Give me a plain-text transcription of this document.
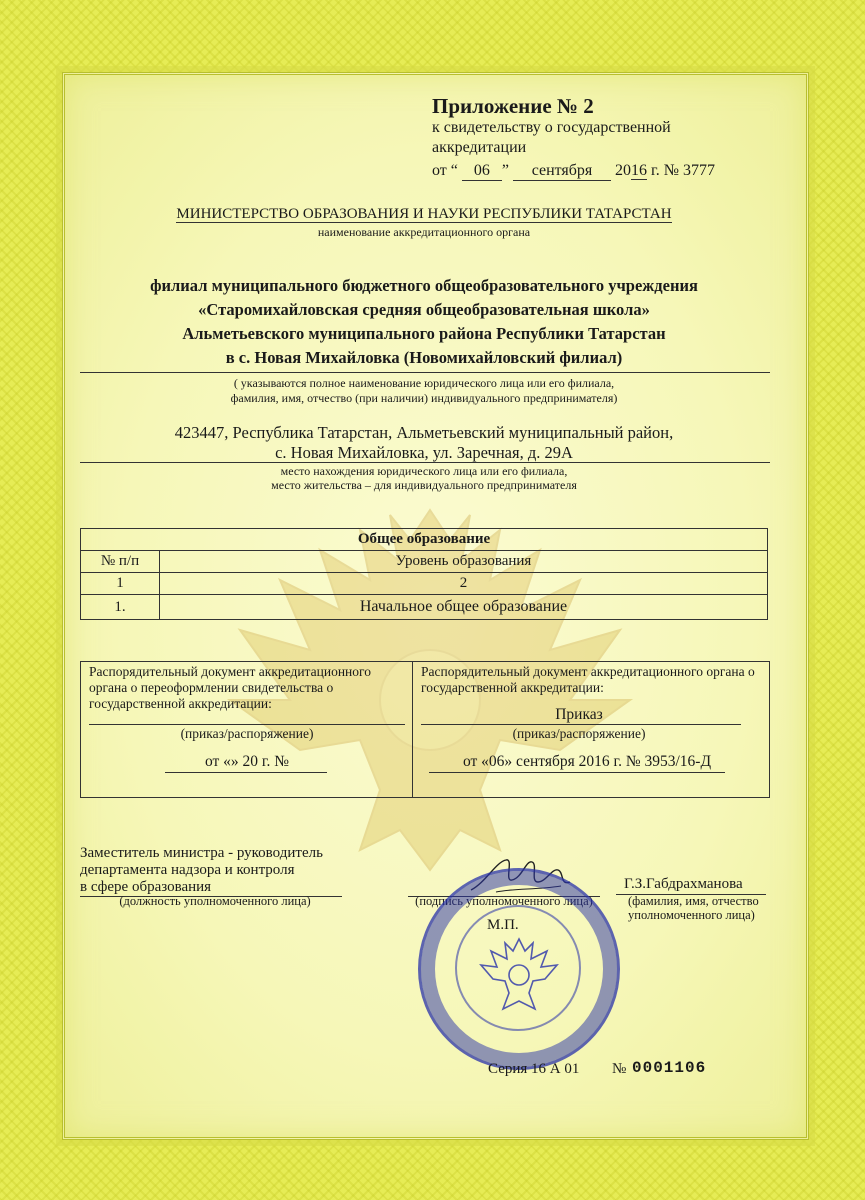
Приложение № 2
к свидетельству о государственной
аккредитации
от “ 06 ” сентября 2016 г. № 3777
МИНИСТЕРСТВО ОБРАЗОВАНИЯ И НАУКИ РЕСПУБЛИКИ ТАТАРСТАН
наименование аккредитационного органа
филиал муниципального бюджетного общеобразовательного учреждения
«Старомихайловская средняя общеобразовательная школа»
Альметьевского муниципального района Республики Татарстан
в с. Новая Михайловка (Новомихайловский филиал)
( указываются полное наименование юридического лица или его филиала,
фамилия, имя, отчество (при наличии) индивидуального предпринимателя)
423447, Республика Татарстан, Альметьевский муниципальный район,
с. Новая Михайловка, ул. Заречная, д. 29А
место нахождения юридического лица или его филиала,
место жительства – для индивидуального предпринимателя
Общее образование	
№ п/п	Уровень образования
1	2
1.	Начальное общее образование
Распорядительный документ аккредитационного органа о переоформлении свидетельства о государственной аккредитации:
(приказ/распоряжение)
от «» 20 г. №
Распорядительный документ аккредитационного органа о государственной аккредитации:
Приказ
(приказ/распоряжение)
от «06» сентября 2016 г. № 3953/16-Д
Заместитель министра - руководитель
департамента надзора и контроля
в сфере образования
(должность уполномоченного лица)	(подпись уполномоченного лица)
М.П.
Г.З.Габдрахманова
(фамилия, имя, отчество
уполномоченного лица)
Серия 16 А 01 № 0001106
